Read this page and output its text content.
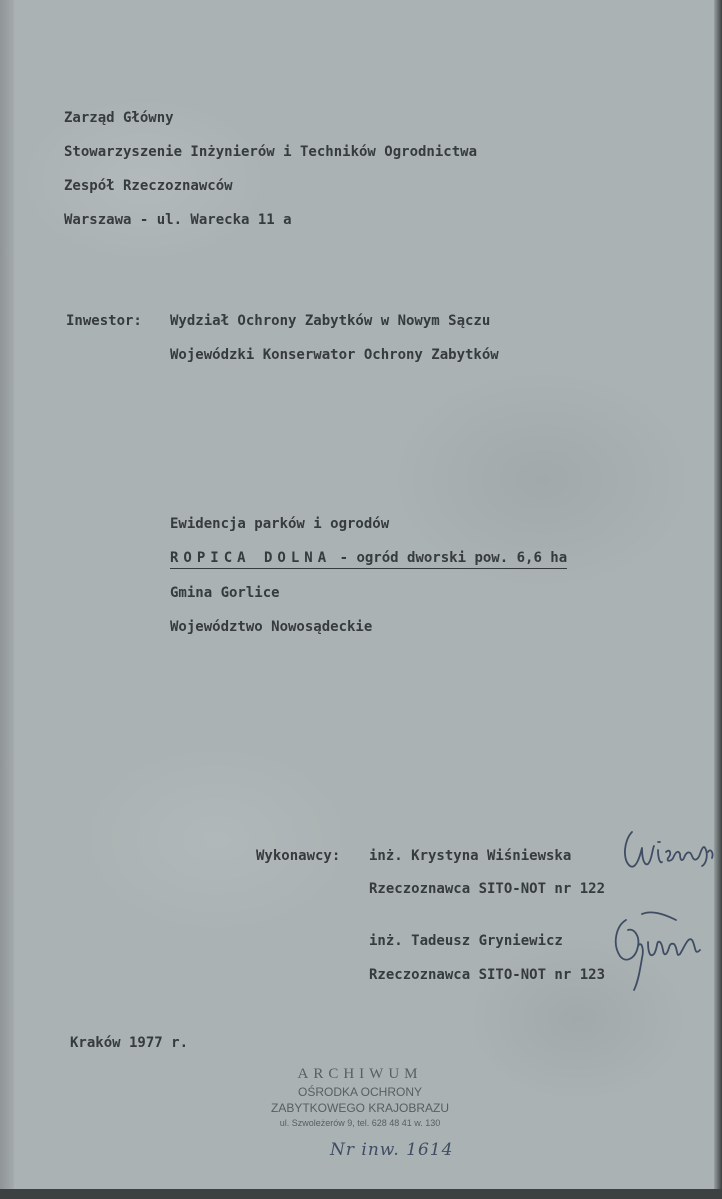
Zarząd Główny
Stowarzyszenie Inżynierów i Techników Ogrodnictwa
Zespół Rzeczoznawców
Warszawa - ul. Warecka 11 a
Inwestor: Wydział Ochrony Zabytków w Nowym Sączu
Wojewódzki Konserwator Ochrony Zabytków
Ewidencja parków i ogrodów
ROPICA DOLNA - ogród dworski pow. 6,6 ha
Gmina Gorlice
Województwo Nowosądeckie
Wykonawcy: inż. Krystyna Wiśniewska
Rzeczoznawca SITO-NOT nr 122
inż. Tadeusz Gryniewicz
Rzeczoznawca SITO-NOT nr 123
Kraków 1977 r.
ARCHIWUM
OŚRODKA OCHRONY
ZABYTKOWEGO KRAJOBRAZU
ul. Szwoleżerów 9, tel. 628 48 41 w. 130
Nr inw. 1614
